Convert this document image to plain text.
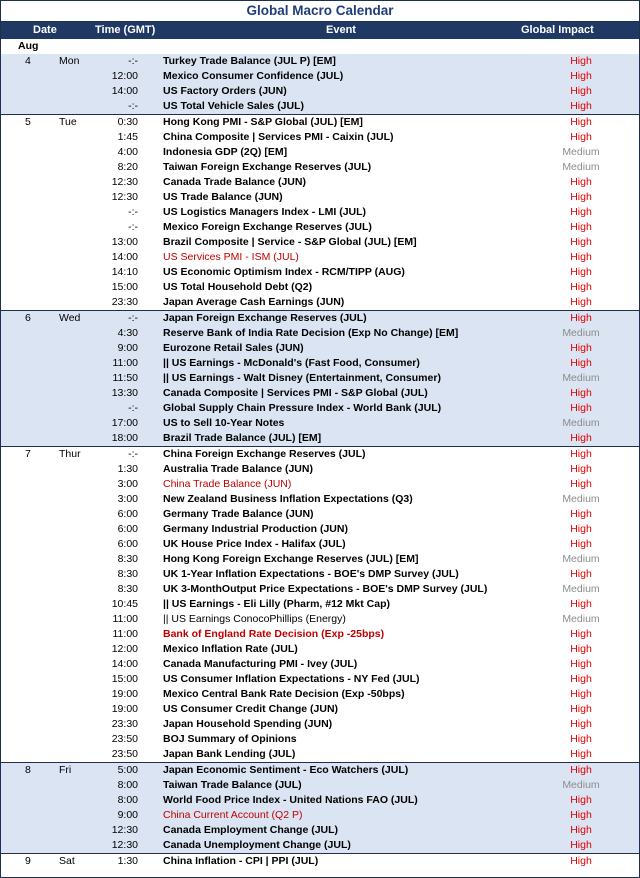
Global Macro Calendar
Date	Time (GMT)	Event	Global Impact Potential
Aug
4	Mon	-:- Turkey Trade Balance (JUL P) [EM]	High
12:00 Mexico Consumer Confidence (JUL)	High
14:00 US Factory Orders (JUN)	High
-:- US Total Vehicle Sales (JUL)	High
5	Tue	0:30 Hong Kong PMI - S&P Global (JUL) [EM]	High
1:45 China Composite | Services PMI - Caixin (JUL)	High
4:00 Indonesia GDP (2Q) [EM]	Medium
8:20 Taiwan Foreign Exchange Reserves (JUL)	Medium
12:30 Canada Trade Balance (JUN)	High
12:30 US Trade Balance (JUN)	High
-:- US Logistics Managers Index - LMI (JUL)	High
-:- Mexico Foreign Exchange Reserves (JUL)	High
13:00 Brazil Composite | Service - S&P Global (JUL) [EM]	High
14:00 US Services PMI - ISM (JUL)	High
14:10 US Economic Optimism Index - RCM/TIPP (AUG)	High
15:00 US Total Household Debt (Q2)	High
23:30 Japan Average Cash Earnings (JUN)	High
6	Wed	-:- Japan Foreign Exchange Reserves (JUL)	High
4:30 Reserve Bank of India Rate Decision (Exp No Change) [EM]	Medium
9:00 Eurozone Retail Sales (JUN)	High
11:00 || US Earnings - McDonald's (Fast Food, Consumer)	High
11:50 || US Earnings - Walt Disney (Entertainment, Consumer)	Medium
13:30 Canada Composite | Services PMI - S&P Global (JUL)	High
-:- Global Supply Chain Pressure Index - World Bank (JUL)	High
17:00 US to Sell 10-Year Notes	Medium
18:00 Brazil Trade Balance (JUL) [EM]	High
7	Thur	-:- China Foreign Exchange Reserves (JUL)	High
1:30 Australia Trade Balance (JUN)	High
3:00 China Trade Balance (JUN)	High
3:00 New Zealand Business Inflation Expectations (Q3)	Medium
6:00 Germany Trade Balance (JUN)	High
6:00 Germany Industrial Production (JUN)	High
6:00 UK House Price Index - Halifax (JUL)	High
8:30 Hong Kong Foreign Exchange Reserves (JUL) [EM]	Medium
8:30 UK 1-Year Inflation Expectations - BOE's DMP Survey (JUL)	High
8:30 UK 3-MonthOutput Price Expectations - BOE's DMP Survey (JUL)	Medium
10:45 || US Earnings - Eli Lilly (Pharm, #12 Mkt Cap)	High
11:00 || US Earnings ConocoPhillips (Energy)	Medium
11:00 Bank of England Rate Decision (Exp -25bps)	High
12:00 Mexico Inflation Rate (JUL)	High
14:00 Canada Manufacturing PMI - Ivey (JUL)	High
15:00 US Consumer Inflation Expectations - NY Fed (JUL)	High
19:00 Mexico Central Bank Rate Decision (Exp -50bps)	High
19:00 US Consumer Credit Change (JUN)	High
23:30 Japan Household Spending (JUN)	High
23:50 BOJ Summary of Opinions	High
23:50 Japan Bank Lending (JUL)	High
8	Fri	5:00 Japan Economic Sentiment - Eco Watchers (JUL)	High
8:00 Taiwan Trade Balance (JUL)	Medium
8:00 World Food Price Index - United Nations FAO (JUL)	High
9:00 China Current Account (Q2 P)	High
12:30 Canada Employment Change (JUL)	High
12:30 Canada Unemployment Change (JUL)	High
9	Sat	1:30 China Inflation - CPI | PPI (JUL)	High
